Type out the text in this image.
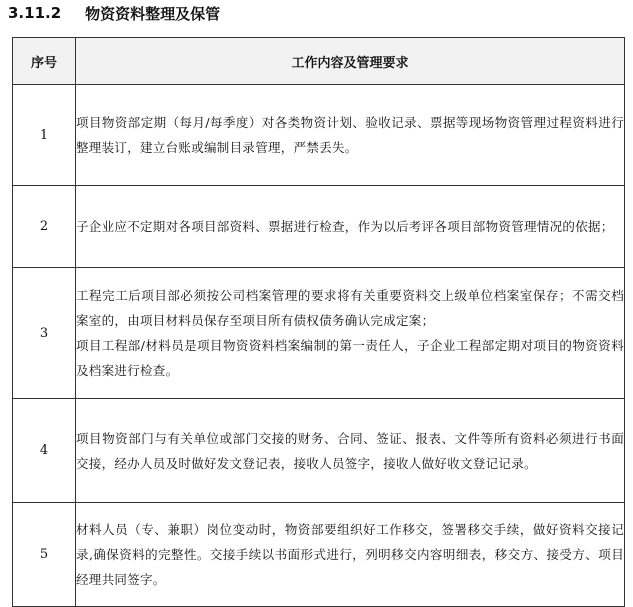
3.11.2 物资资料整理及保管
序号	工作内容及管理要求
1	项目物资部定期（每月/每季度）对各类物资计划、验收记录、票据等现场物资管理过程资料进行整理装订，建立台账或编制目录管理，严禁丢失。

2	子企业应不定期对各项目部资料、票据进行检查，作为以后考评各项目部物资管理情况的依据；

3	工程完工后项目部必须按公司档案管理的要求将有关重要资料交上级单位档案室保存；不需交档案室的，由项目材料员保存至项目所有债权债务确认完成定案；
项目工程部/材料员是项目物资资料档案编制的第一责任人，子企业工程部定期对项目的物资资料及档案进行检查。

4	项目物资部门与有关单位或部门交接的财务、合同、签证、报表、文件等所有资料必须进行书面交接，经办人员及时做好发文登记表，接收人员签字，接收人做好收文登记记录。

5	材料人员（专、兼职）岗位变动时，物资部要组织好工作移交，签署移交手续，做好资料交接记录,确保资料的完整性。交接手续以书面形式进行，列明移交内容明细表，移交方、接受方、项目经理共同签字。
